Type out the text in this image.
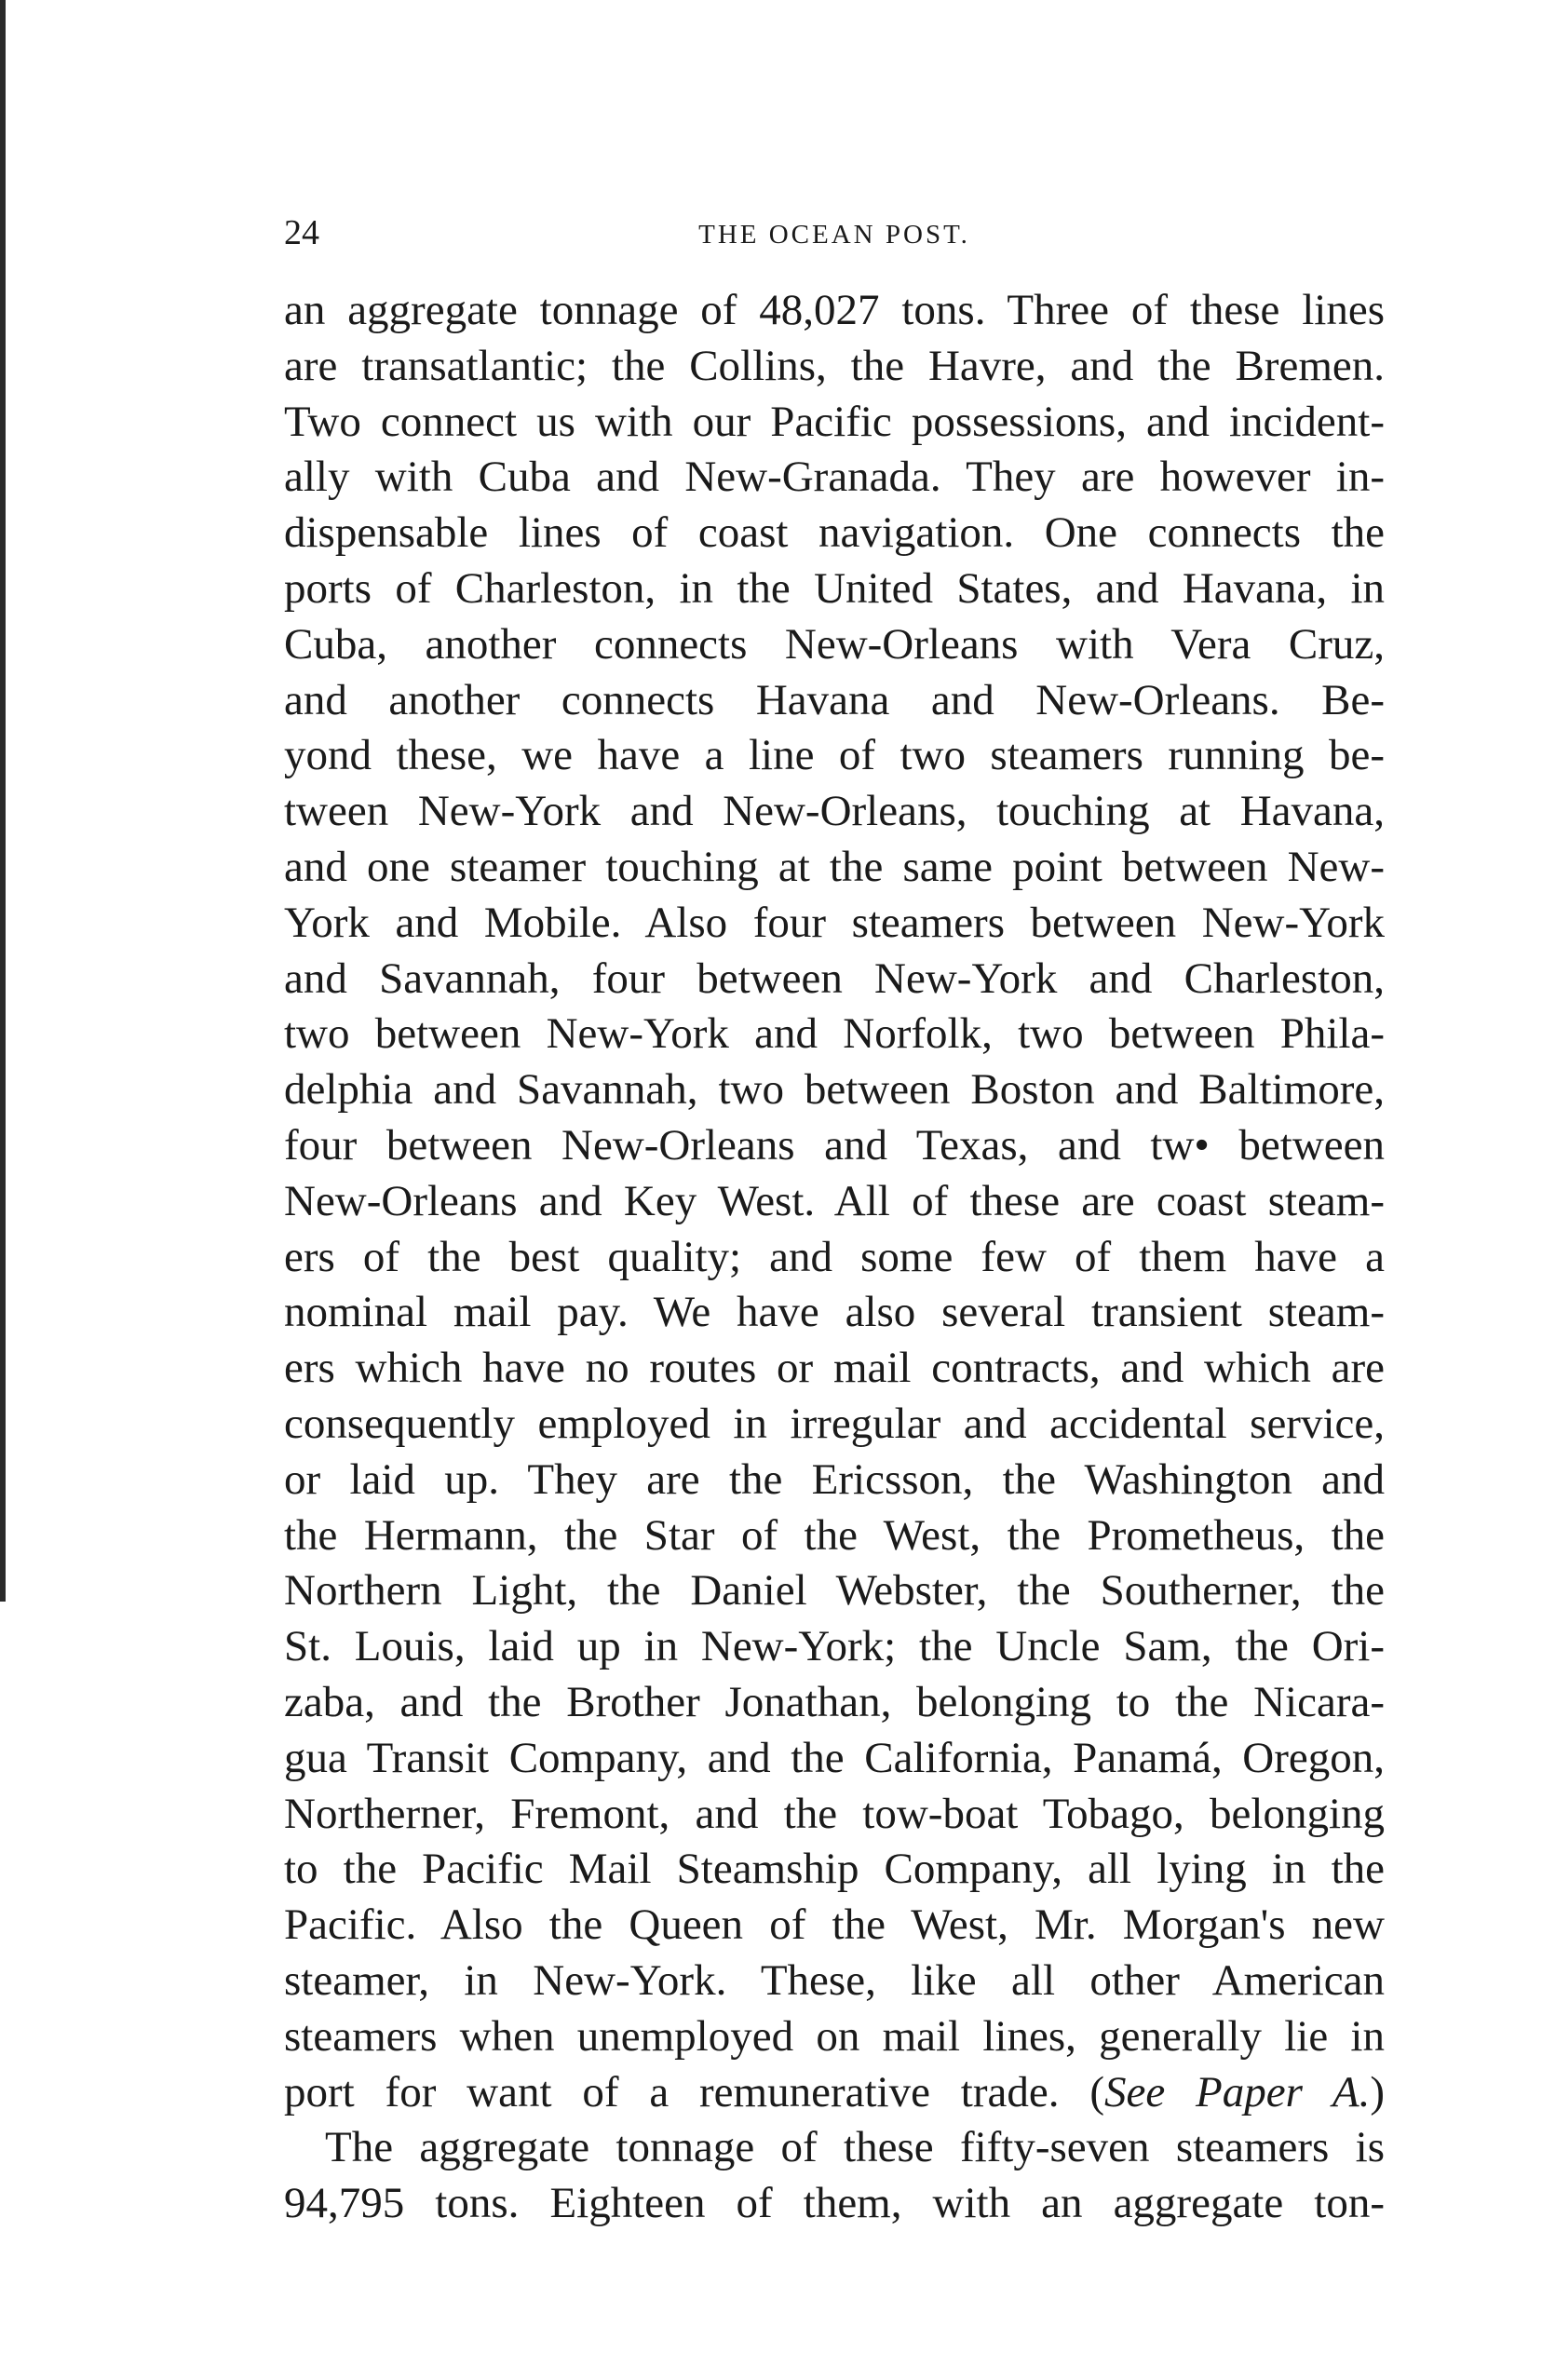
24	THE OCEAN POST.
an aggregate tonnage of 48,027 tons. Three of these lines
are transatlantic; the Collins, the Havre, and the Bremen.
Two connect us with our Pacific possessions, and incident-
ally with Cuba and New-Granada. They are however in-
dispensable lines of coast navigation. One connects the
ports of Charleston, in the United States, and Havana, in
Cuba, another connects New-Orleans with Vera Cruz,
and another connects Havana and New-Orleans. Be-
yond these, we have a line of two steamers running be-
tween New-York and New-Orleans, touching at Havana,
and one steamer touching at the same point between New-
York and Mobile. Also four steamers between New-York
and Savannah, four between New-York and Charleston,
two between New-York and Norfolk, two between Phila-
delphia and Savannah, two between Boston and Baltimore,
four between New-Orleans and Texas, and tw• between
New-Orleans and Key West. All of these are coast steam-
ers of the best quality; and some few of them have a
nominal mail pay. We have also several transient steam-
ers which have no routes or mail contracts, and which are
consequently employed in irregular and accidental service,
or laid up. They are the Ericsson, the Washington and
the Hermann, the Star of the West, the Prometheus, the
Northern Light, the Daniel Webster, the Southerner, the
St. Louis, laid up in New-York; the Uncle Sam, the Ori-
zaba, and the Brother Jonathan, belonging to the Nicara-
gua Transit Company, and the California, Panamá, Oregon,
Northerner, Fremont, and the tow-boat Tobago, belonging
to the Pacific Mail Steamship Company, all lying in the
Pacific. Also the Queen of the West, Mr. Morgan's new
steamer, in New-York. These, like all other American
steamers when unemployed on mail lines, generally lie in
port for want of a remunerative trade. (See Paper A.)
The aggregate tonnage of these fifty-seven steamers is
94,795 tons. Eighteen of them, with an aggregate ton-
